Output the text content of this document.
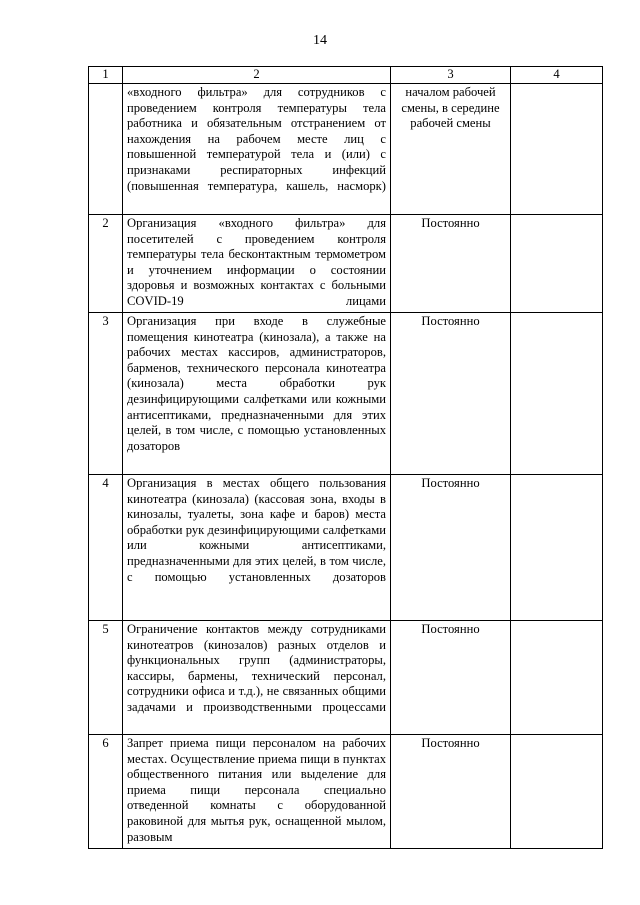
14
1	2	3	4
	«входного фильтра» для сотрудников с проведением контроля температуры тела работника и обязательным отстранением от нахождения на рабочем месте лиц с повышенной температурой тела и (или) с признаками респираторных инфекций (повышенная температура, кашель, насморк)	началом рабочей смены, в середине рабочей смены	
2	Организация «входного фильтра» для посетителей с проведением контроля температуры тела бесконтактным термометром и уточнением информации о состоянии здоровья и возможных контактах с больными COVID-19 лицами	Постоянно	
3	Организация при входе в служебные помещения кинотеатра (кинозала), а также на рабочих местах кассиров, администраторов, барменов, технического персонала кинотеатра (кинозала) места обработки рук дезинфицирующими салфетками или кожными антисептиками, предназначенными для этих целей, в том числе, с помощью установленных дозаторов	Постоянно	
4	Организация в местах общего пользования кинотеатра (кинозала) (кассовая зона, входы в кинозалы, туалеты, зона кафе и баров) места обработки рук дезинфицирующими салфетками или кожными антисептиками, предназначенными для этих целей, в том числе, с помощью установленных дозаторов	Постоянно	
5	Ограничение контактов между сотрудниками кинотеатров (кинозалов) разных отделов и функциональных групп (администраторы, кассиры, бармены, технический персонал, сотрудники офиса и т.д.), не связанных общими задачами и производственными процессами	Постоянно	
6	Запрет приема пищи персоналом на рабочих местах. Осуществление приема пищи в пунктах общественного питания или выделение для приема пищи персонала специально отведенной комнаты с оборудованной раковиной для мытья рук, оснащенной мылом, разовым	Постоянно	
